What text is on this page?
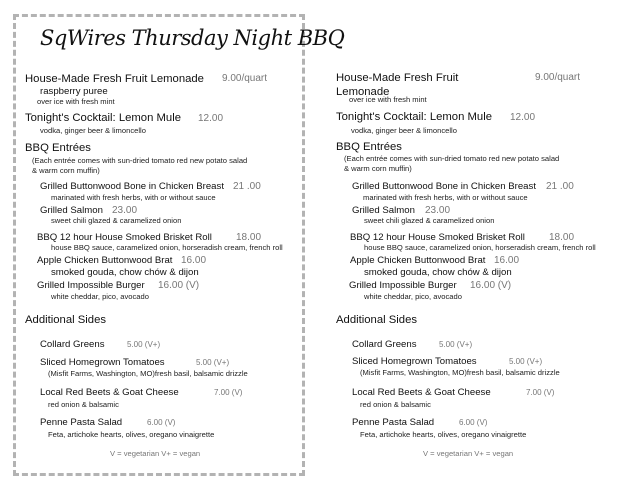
SqWires Thursday Night BBQ
House-Made Fresh Fruit Lemonade 9.00/quart
raspberry puree
over ice with fresh mint
Tonight's Cocktail: Lemon Mule 12.00
vodka, ginger beer & limoncello
BBQ Entrées
(Each entrée comes with sun-dried tomato red new potato salad
& warm corn muffin)
Grilled Buttonwood Bone in Chicken Breast 21 .00
marinated with fresh herbs, with or without sauce
Grilled Salmon 23.00
sweet chili glazed & caramelized onion
BBQ 12 hour House Smoked Brisket Roll 18.00
house BBQ sauce, caramelized onion, horseradish cream, french roll
Apple Chicken Buttonwood Brat 16.00
smoked gouda, chow chów & dijon
Grilled Impossible Burger 16.00 (V)
white cheddar, pico, avocado
Additional Sides
Collard Greens	5.00 (V+)
Sliced Homegrown Tomatoes	5.00 (V+)
(Misfit Farms, Washington, MO)fresh basil, balsamic drizzle
Local Red Beets & Goat Cheese	7.00 (V)
red onion & balsamic
Penne Pasta Salad	6.00 (V)
Feta, artichoke hearts, olives, oregano vinaigrette
V = vegetarian V+ = vegan
House-Made Fresh Fruit
Lemonade
9.00/quart
over ice with fresh mint
Tonight's Cocktail: Lemon Mule 12.00
vodka, ginger beer & limoncello
BBQ Entrées
(Each entrée comes with sun-dried tomato red new potato salad
& warm corn muffin)
Grilled Buttonwood Bone in Chicken Breast 21 .00
marinated with fresh herbs, with or without sauce
Grilled Salmon 23.00
sweet chili glazed & caramelized onion
BBQ 12 hour House Smoked Brisket Roll 18.00
house BBQ sauce, caramelized onion, horseradish cream, french roll
Apple Chicken Buttonwood Brat 16.00
smoked gouda, chow chów & dijon
Grilled Impossible Burger 16.00 (V)
white cheddar, pico, avocado
Additional Sides
Collard Greens	5.00 (V+)
Sliced Homegrown Tomatoes	5.00 (V+)
(Misfit Farms, Washington, MO)fresh basil, balsamic drizzle
Local Red Beets & Goat Cheese	7.00 (V)
red onion & balsamic
Penne Pasta Salad	6.00 (V)
Feta, artichoke hearts, olives, oregano vinaigrette
V = vegetarian V+ = vegan
